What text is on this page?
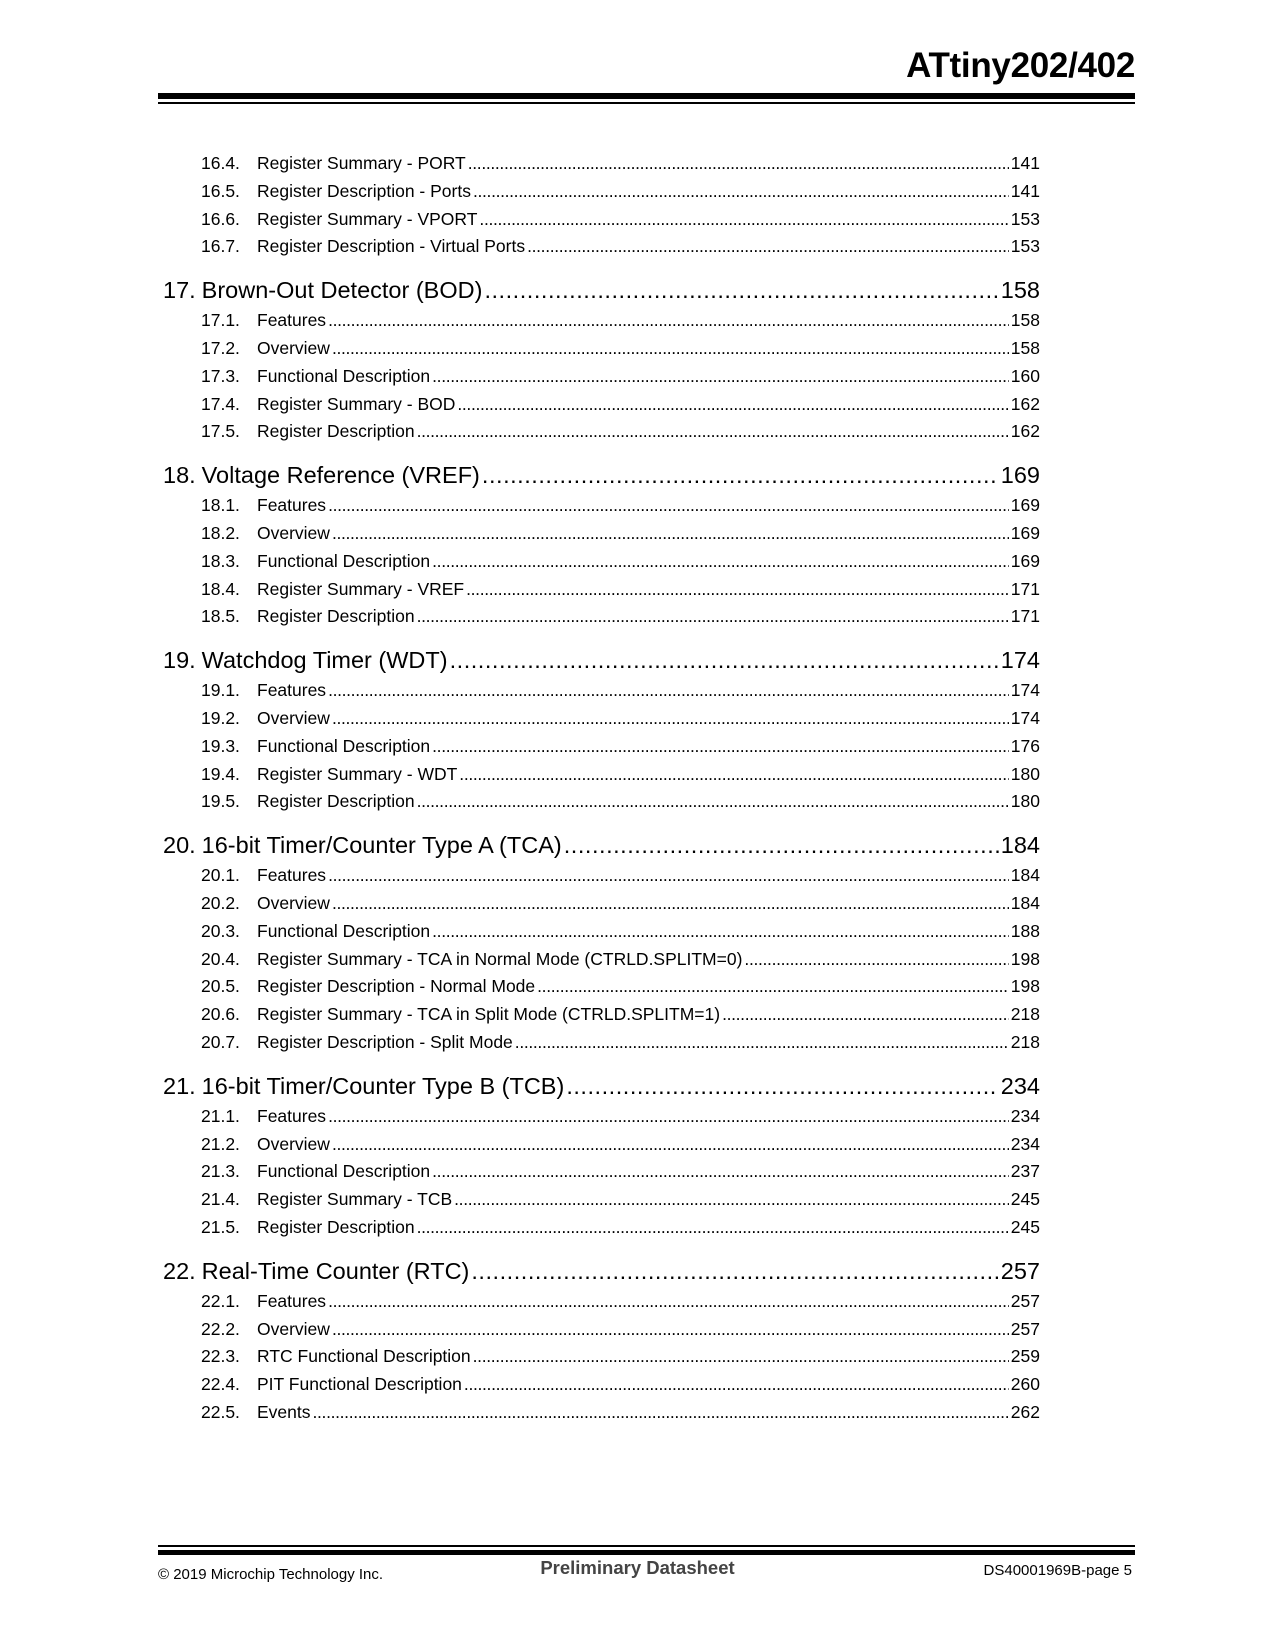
ATtiny202/402
16.4. Register Summary - PORT . . .	141
16.5. Register Description - Ports . . .	141
16.6. Register Summary - VPORT . . .	153
16.7. Register Description - Virtual Ports . . .	153
17. Brown-Out Detector (BOD) . . .	158
17.1. Features . . .	158
17.2. Overview . . .	158
17.3. Functional Description . . .	160
17.4. Register Summary - BOD . . .	162
17.5. Register Description . . .	162
18. Voltage Reference (VREF) . . .	169
18.1. Features . . .	169
18.2. Overview . . .	169
18.3. Functional Description . . .	169
18.4. Register Summary - VREF . . .	171
18.5. Register Description . . .	171
19. Watchdog Timer (WDT) . . .	174
19.1. Features . . .	174
19.2. Overview . . .	174
19.3. Functional Description . . .	176
19.4. Register Summary - WDT . . .	180
19.5. Register Description . . .	180
20. 16-bit Timer/Counter Type A (TCA) . . .	184
20.1. Features . . .	184
20.2. Overview . . .	184
20.3. Functional Description . . .	188
20.4. Register Summary - TCA in Normal Mode (CTRLD.SPLITM=0) . . .	198
20.5. Register Description - Normal Mode . . .	198
20.6. Register Summary - TCA in Split Mode (CTRLD.SPLITM=1) . . .	218
20.7. Register Description - Split Mode . . .	218
21. 16-bit Timer/Counter Type B (TCB) . . .	234
21.1. Features . . .	234
21.2. Overview . . .	234
21.3. Functional Description . . .	237
21.4. Register Summary - TCB . . .	245
21.5. Register Description . . .	245
22. Real-Time Counter (RTC) . . .	257
22.1. Features . . .	257
22.2. Overview . . .	257
22.3. RTC Functional Description . . .	259
22.4. PIT Functional Description . . .	260
22.5. Events . . .	262
© 2019 Microchip Technology Inc.	Preliminary Datasheet	DS40001969B-page 5
